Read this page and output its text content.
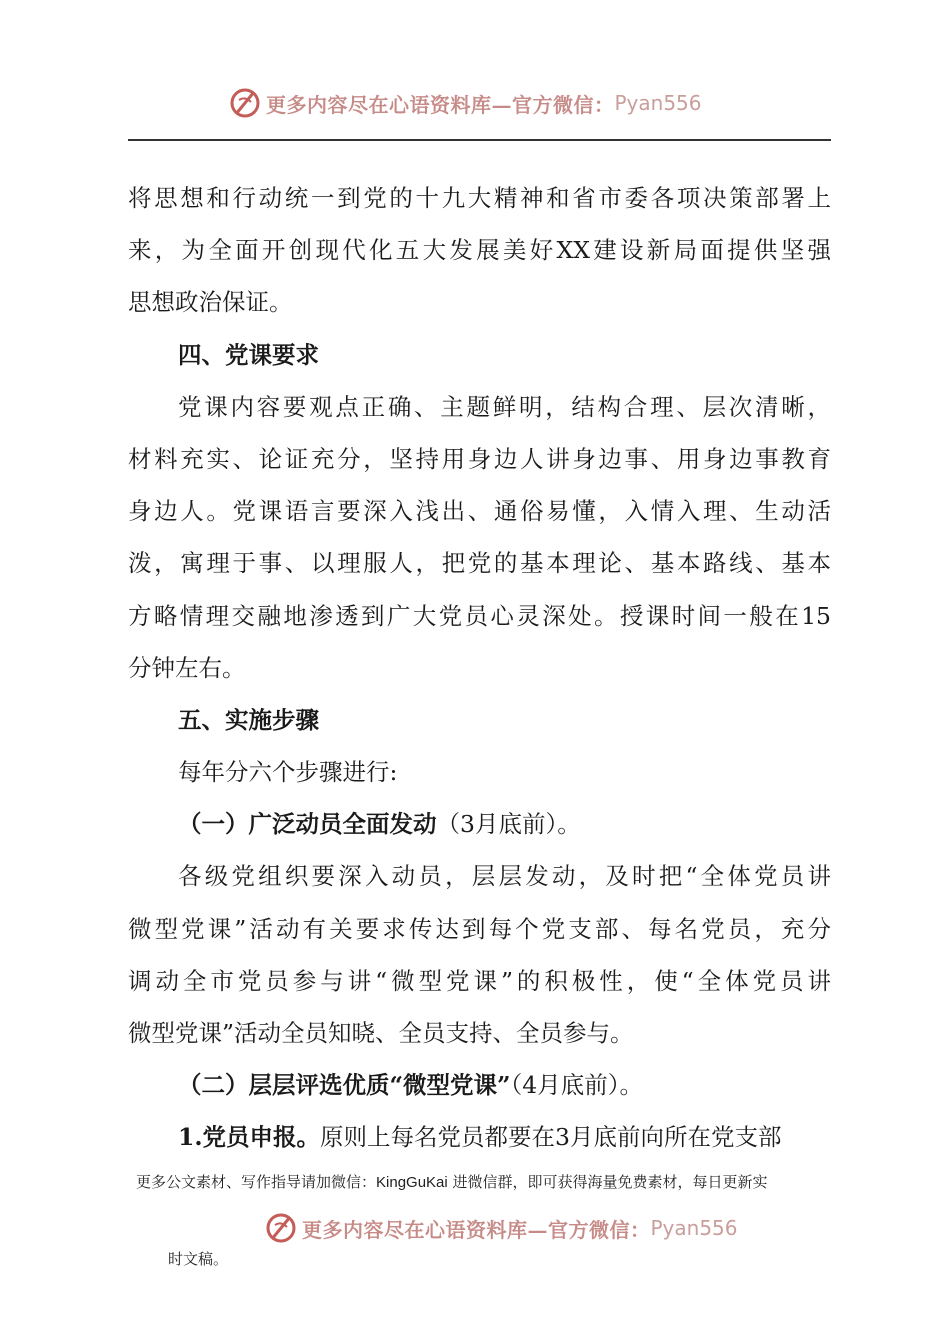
更多内容尽在心语资料库— 官方微信： Pyan556
将思想和行动统一到党的十九大精神和省市委各项决策部署上
来，为全面开创现代化五大发展美好XX建设新局面提供坚强
思想政治保证。
四、党课要求
党课内容要观点正确、主题鲜明，结构合理、层次清晰，
材料充实、论证充分，坚持用身边人讲身边事、用身边事教育
身边人。党课语言要深入浅出、通俗易懂，入情入理、生动活
泼，寓理于事、以理服人，把党的基本理论、基本路线、基本
方略情理交融地渗透到广大党员心灵深处。授课时间一般在15
分钟左右。
五、实施步骤
每年分六个步骤进行:
（一）广泛动员全面发动（3月底前）。
各级党组织要深入动员，层层发动，及时把“全体党员讲
微型党课”活动有关要求传达到每个党支部、每名党员，充分
调动全市党员参与讲“微型党课”的积极性，使“全体党员讲
微型党课”活动全员知晓、全员支持、全员参与。
（二）层层评选优质“微型党课”（4月底前）。
1.党员申报。原则上每名党员都要在3月底前向所在党支部
更多公文素材、写作指导请加微信：KingGuKai 进微信群，即可获得海量免费素材，每日更新实
更多内容尽在心语资料库— 官方微信： Pyan556
时文稿。
